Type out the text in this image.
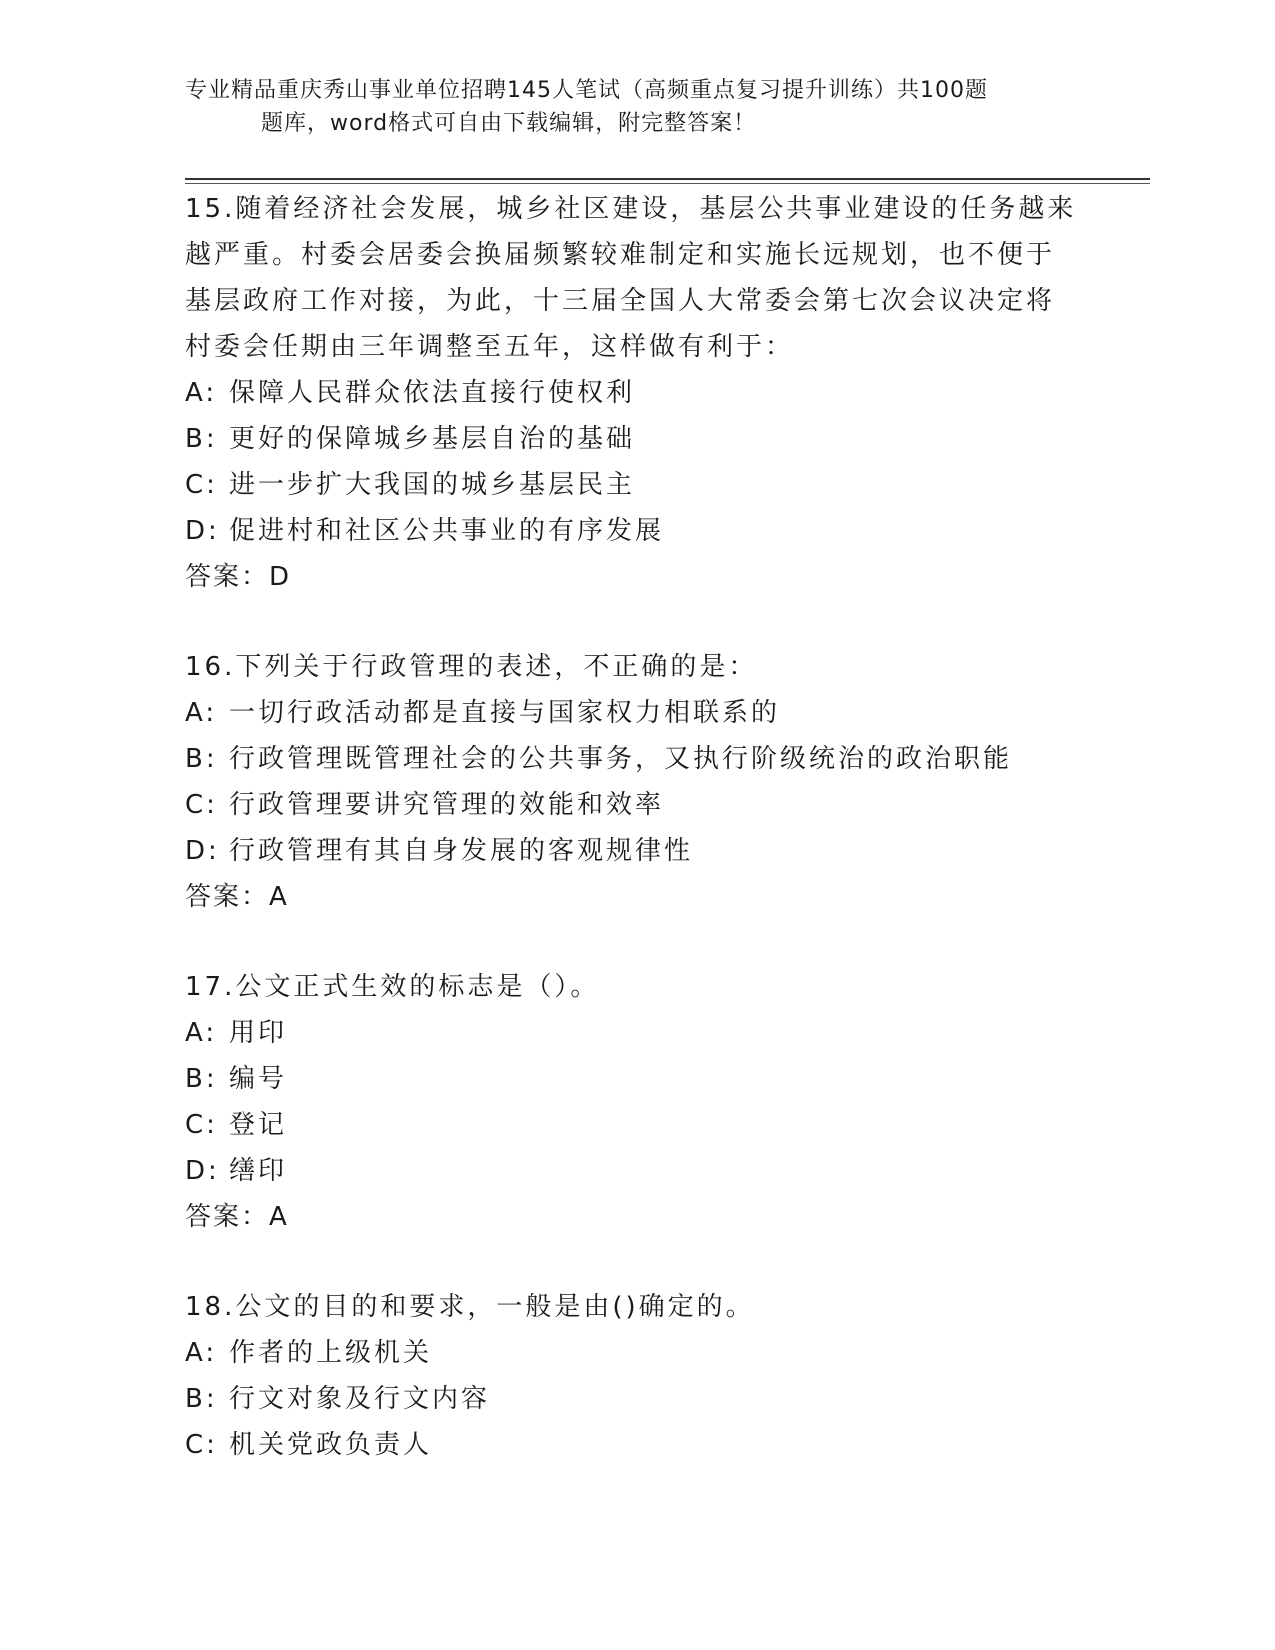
专业精品重庆秀山事业单位招聘145人笔试（高频重点复习提升训练）共100题
题库，word格式可自由下载编辑，附完整答案！
15.随着经济社会发展，城乡社区建设，基层公共事业建设的任务越来
越严重。村委会居委会换届频繁较难制定和实施长远规划，也不便于
基层政府工作对接，为此，十三届全国人大常委会第七次会议决定将
村委会任期由三年调整至五年，这样做有利于：
A: 保障人民群众依法直接行使权利
B: 更好的保障城乡基层自治的基础
C: 进一步扩大我国的城乡基层民主
D: 促进村和社区公共事业的有序发展
答案：D
16.下列关于行政管理的表述，不正确的是：
A: 一切行政活动都是直接与国家权力相联系的
B: 行政管理既管理社会的公共事务，又执行阶级统治的政治职能
C: 行政管理要讲究管理的效能和效率
D: 行政管理有其自身发展的客观规律性
答案：A
17.公文正式生效的标志是（）。
A: 用印
B: 编号
C: 登记
D: 缮印
答案：A
18.公文的目的和要求，一般是由()确定的。
A: 作者的上级机关
B: 行文对象及行文内容
C: 机关党政负责人
